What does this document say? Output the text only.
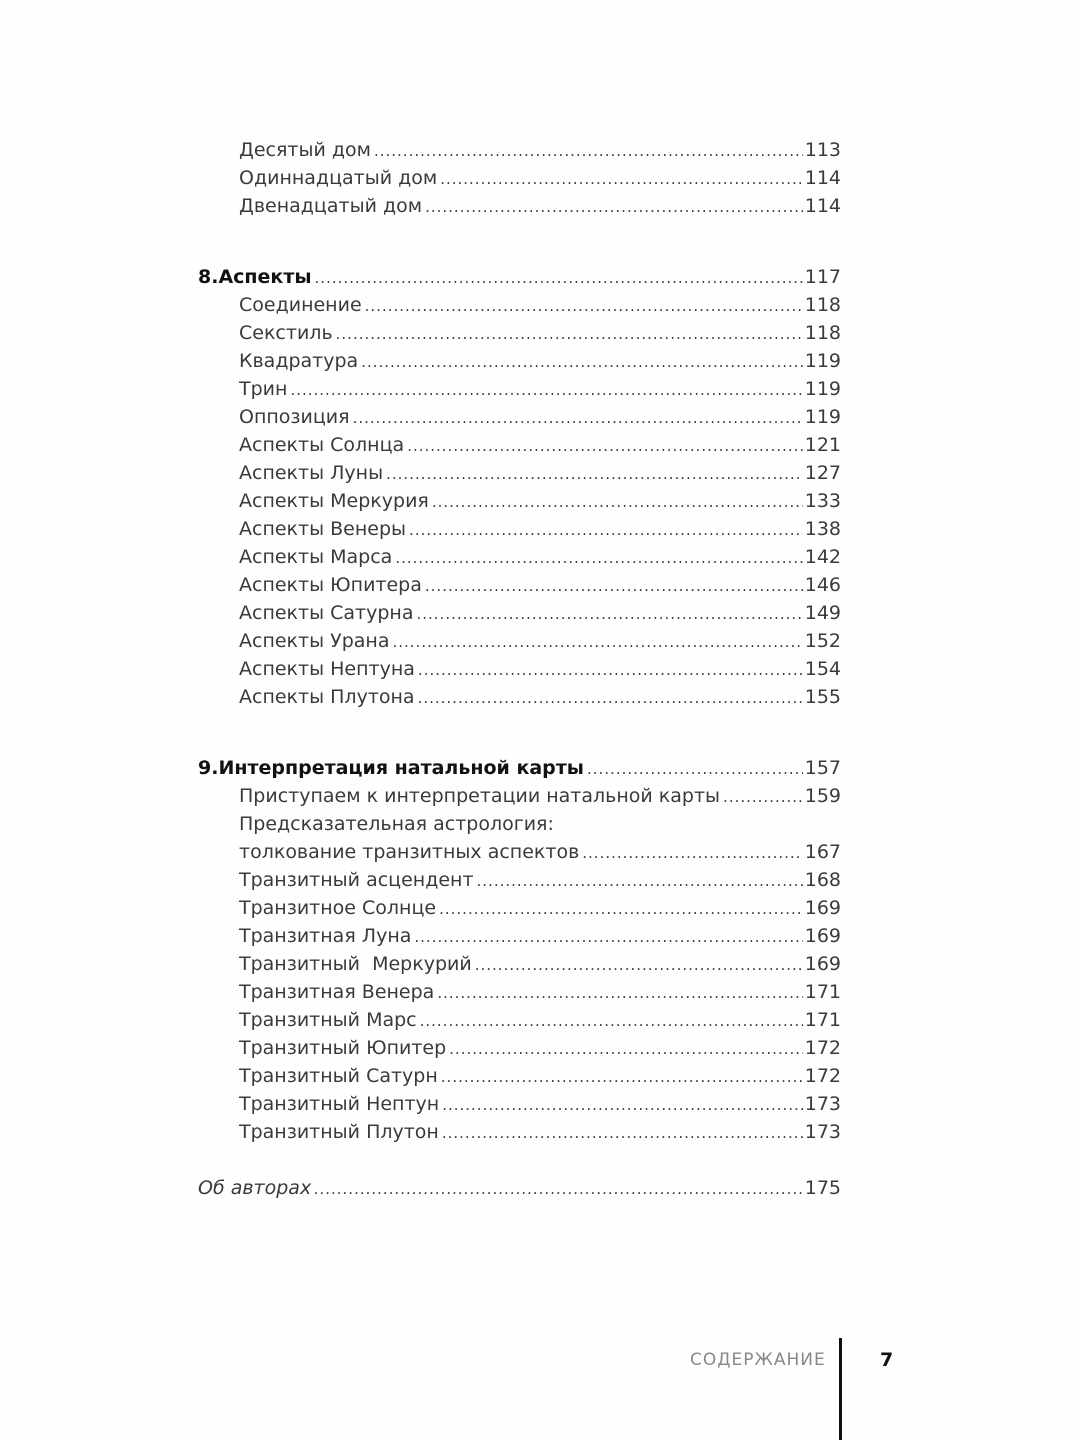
Десятый дом .....	113
Одиннадцатый дом .....	114
Двенадцатый дом .....	114
8. Аспекты .....	117
Соединение .....	118
Секстиль .....	118
Квадратура .....	119
Трин .....	119
Оппозиция .....	119
Аспекты Солнца .....	121
Аспекты Луны .....	127
Аспекты Меркурия .....	133
Аспекты Венеры .....	138
Аспекты Марса .....	142
Аспекты Юпитера .....	146
Аспекты Сатурна .....	149
Аспекты Урана .....	152
Аспекты Нептуна .....	154
Аспекты Плутона .....	155
9. Интерпретация натальной карты .....	157
Приступаем к интерпретации натальной карты .....	159
Предсказательная астрология:
толкование транзитных аспектов .....	167
Транзитный асцендент .....	168
Транзитное Солнце .....	169
Транзитная Луна .....	169
Транзитный  Меркурий .....	169
Транзитная Венера .....	171
Транзитный Марс .....	171
Транзитный Юпитер .....	172
Транзитный Сатурн .....	172
Транзитный Нептун .....	173
Транзитный Плутон .....	173
Об авторах .....	175
СОДЕРЖАНИЕ	7
